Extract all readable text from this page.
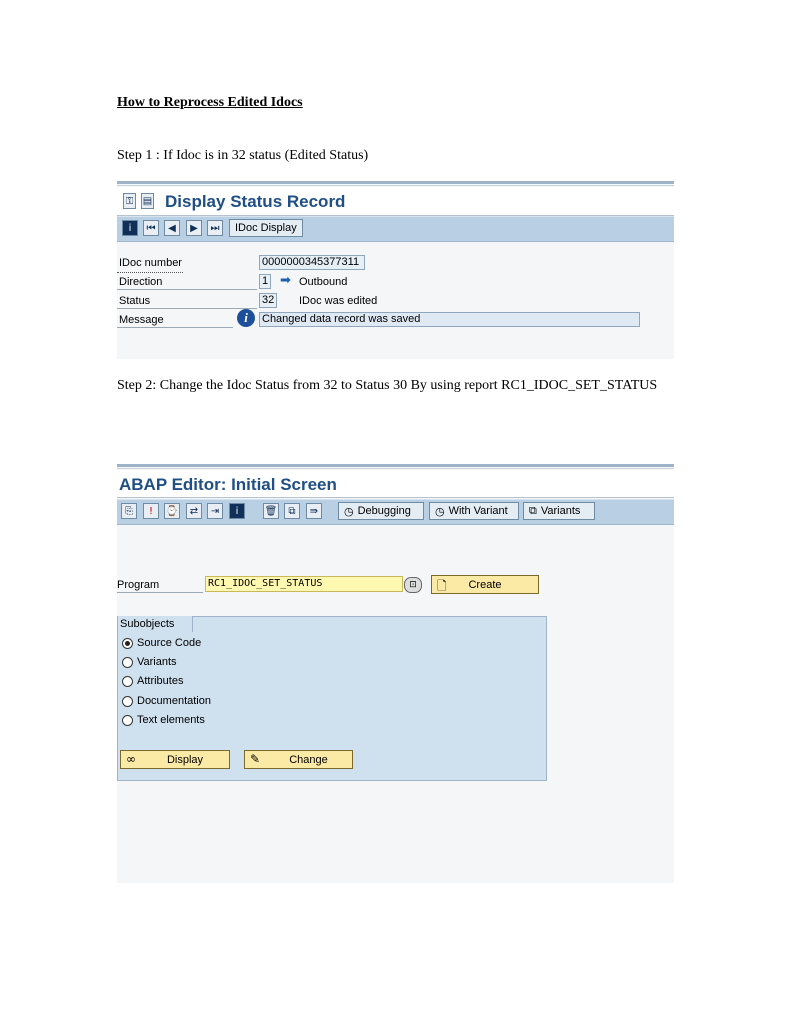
How to Reprocess Edited Idocs
Step 1 : If Idoc is in 32 status (Edited Status)
⚿ ▤ Display Status Record
i	⏮	◀	▶	⏭	IDoc Display
IDoc number	0000000345377311
Direction	1 ➡ Outbound
Status	32 IDoc was edited
Message	i	Changed data record was saved
Step 2: Change the Idoc Status from 32 to Status 30 By using report RC1_IDOC_SET_STATUS
ABAP Editor: Initial Screen
⎘	!	⌚	⇄	⇥	i	🗑	⧉	⇛	◷ Debugging ◷ With Variant ⧉ Variants
Program	RC1_IDOC_SET_STATUS	⊡	🗋	Create
Subobjects
Source Code
Variants
Attributes
Documentation
Text elements
∞	Display	✎	Change
